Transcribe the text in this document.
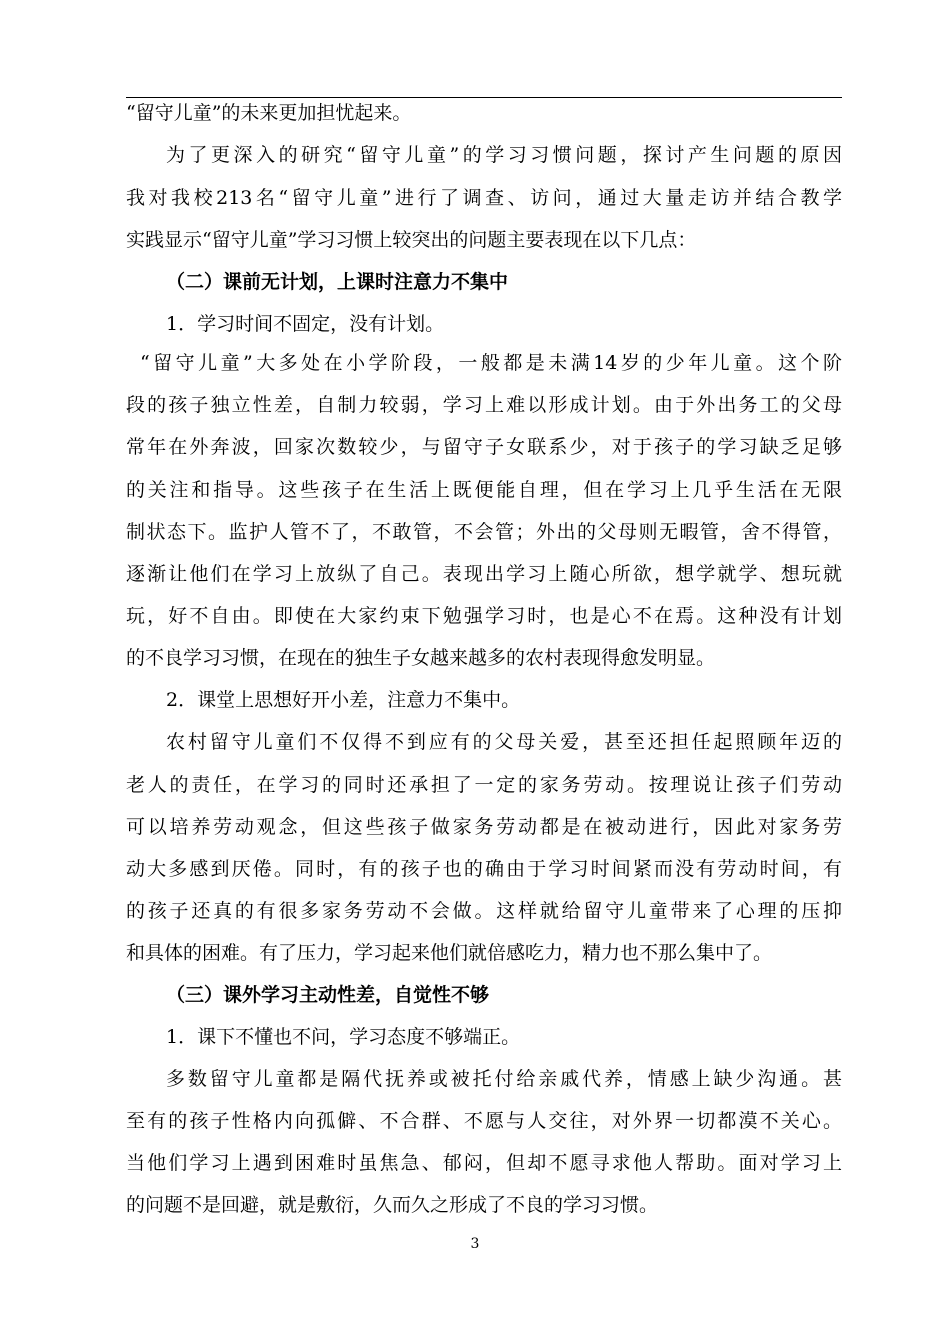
“留守儿童”的未来更加担忧起来。
为了更深入的研究“留守儿童”的学习习惯问题，探讨产生问题的原因
我对我校213名“留守儿童”进行了调查、访问，通过大量走访并结合教学
实践显示“留守儿童”学习习惯上较突出的问题主要表现在以下几点：
（二）课前无计划，上课时注意力不集中
1．学习时间不固定，没有计划。
“留守儿童”大多处在小学阶段，一般都是未满14岁的少年儿童。这个阶
段的孩子独立性差，自制力较弱，学习上难以形成计划。由于外出务工的父母
常年在外奔波，回家次数较少，与留守子女联系少，对于孩子的学习缺乏足够
的关注和指导。这些孩子在生活上既便能自理，但在学习上几乎生活在无限
制状态下。监护人管不了，不敢管，不会管；外出的父母则无暇管，舍不得管，
逐渐让他们在学习上放纵了自己。表现出学习上随心所欲，想学就学、想玩就
玩，好不自由。即使在大家约束下勉强学习时，也是心不在焉。这种没有计划
的不良学习习惯，在现在的独生子女越来越多的农村表现得愈发明显。
2．课堂上思想好开小差，注意力不集中。
农村留守儿童们不仅得不到应有的父母关爱，甚至还担任起照顾年迈的
老人的责任，在学习的同时还承担了一定的家务劳动。按理说让孩子们劳动
可以培养劳动观念，但这些孩子做家务劳动都是在被动进行，因此对家务劳
动大多感到厌倦。同时，有的孩子也的确由于学习时间紧而没有劳动时间，有
的孩子还真的有很多家务劳动不会做。这样就给留守儿童带来了心理的压抑
和具体的困难。有了压力，学习起来他们就倍感吃力，精力也不那么集中了。
（三）课外学习主动性差，自觉性不够
1．课下不懂也不问，学习态度不够端正。
多数留守儿童都是隔代抚养或被托付给亲戚代养，情感上缺少沟通。甚
至有的孩子性格内向孤僻、不合群、不愿与人交往，对外界一切都漠不关心。
当他们学习上遇到困难时虽焦急、郁闷，但却不愿寻求他人帮助。面对学习上
的问题不是回避，就是敷衍，久而久之形成了不良的学习习惯。
3
